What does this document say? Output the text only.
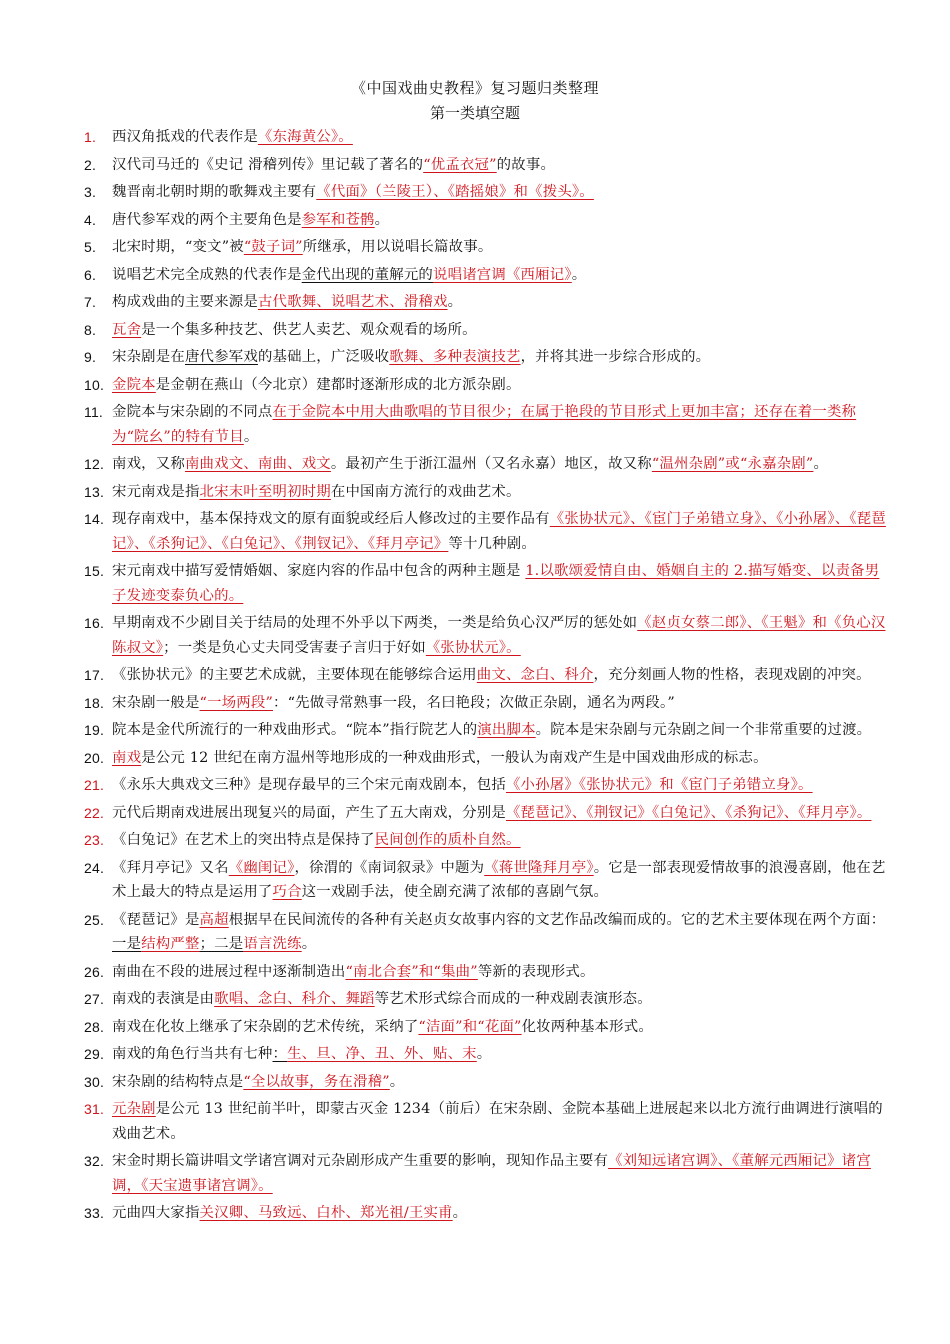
《中国戏曲史教程》复习题归类整理
第一类填空题
1.	西汉角抵戏的代表作是《东海黄公》。
2.	汉代司马迁的《史记 滑稽列传》里记载了著名的“优孟衣冠”的故事。
3.	魏晋南北朝时期的歌舞戏主要有《代面》（兰陵王）、《踏摇娘》和《拨头》。
4.	唐代参军戏的两个主要角色是参军和苍鹘。
5.	北宋时期，“变文”被“鼓子词”所继承，用以说唱长篇故事。
6.	说唱艺术完全成熟的代表作是金代出现的董解元的说唱诸宫调《西厢记》。
7.	构成戏曲的主要来源是古代歌舞、说唱艺术、滑稽戏。
8.	瓦舍是一个集多种技艺、供艺人卖艺、观众观看的场所。
9.	宋杂剧是在唐代参军戏的基础上，广泛吸收歌舞、多种表演技艺，并将其进一步综合形成的。
10. 金院本是金朝在燕山（今北京）建都时逐渐形成的北方派杂剧。
11. 金院本与宋杂剧的不同点在于金院本中用大曲歌唱的节目很少；在属于艳段的节目形式上更加丰富；还存在着一类称为“院幺”的特有节目。
12. 南戏，又称南曲戏文、南曲、戏文。最初产生于浙江温州（又名永嘉）地区，故又称“温州杂剧”或“永嘉杂剧”。
13. 宋元南戏是指北宋末叶至明初时期在中国南方流行的戏曲艺术。
14. 现存南戏中，基本保持戏文的原有面貌或经后人修改过的主要作品有《张协状元》、《宦门子弟错立身》、《小孙屠》、《琵琶记》、《杀狗记》、《白兔记》、《荆钗记》、《拜月亭记》等十几种剧。
15. 宋元南戏中描写爱情婚姻、家庭内容的作品中包含的两种主题是 1.以歌颂爱情自由、婚姻自主的 2.描写婚变、以责备男子发迹变泰负心的。
16. 早期南戏不少剧目关于结局的处理不外乎以下两类，一类是给负心汉严厉的惩处如《赵贞女蔡二郎》、《王魁》和《负心汉陈叔文》；一类是负心丈夫同受害妻子言归于好如《张协状元》。
17. 《张协状元》的主要艺术成就，主要体现在能够综合运用曲文、念白、科介，充分刻画人物的性格，表现戏剧的冲突。
18. 宋杂剧一般是“一场两段”：“先做寻常熟事一段，名曰艳段；次做正杂剧，通名为两段。”
19. 院本是金代所流行的一种戏曲形式。“院本”指行院艺人的演出脚本。院本是宋杂剧与元杂剧之间一个非常重要的过渡。
20. 南戏是公元 12 世纪在南方温州等地形成的一种戏曲形式，一般认为南戏产生是中国戏曲形成的标志。
21. 《永乐大典戏文三种》是现存最早的三个宋元南戏剧本，包括《小孙屠》《张协状元》和《宦门子弟错立身》。
22. 元代后期南戏进展出现复兴的局面，产生了五大南戏，分别是《琵琶记》、《荆钗记》《白兔记》、《杀狗记》、《拜月亭》。
23. 《白兔记》在艺术上的突出特点是保持了民间创作的质朴自然。
24. 《拜月亭记》又名《幽闺记》，徐渭的《南词叙录》中题为《蒋世隆拜月亭》。它是一部表现爱情故事的浪漫喜剧，他在艺术上最大的特点是运用了巧合这一戏剧手法，使全剧充满了浓郁的喜剧气氛。
25. 《琵琶记》是高超根据早在民间流传的各种有关赵贞女故事内容的文艺作品改编而成的。它的艺术主要体现在两个方面：一是结构严整；二是语言洗练。
26. 南曲在不段的进展过程中逐渐制造出“南北合套”和“集曲”等新的表现形式。
27. 南戏的表演是由歌唱、念白、科介、舞蹈等艺术形式综合而成的一种戏剧表演形态。
28. 南戏在化妆上继承了宋杂剧的艺术传统，采纳了“洁面”和“花面”化妆两种基本形式。
29. 南戏的角色行当共有七种：生、旦、净、丑、外、贴、末。
30. 宋杂剧的结构特点是“全以故事，务在滑稽”。
31. 元杂剧是公元 13 世纪前半叶，即蒙古灭金 1234（前后）在宋杂剧、金院本基础上进展起来以北方流行曲调进行演唱的戏曲艺术。
32. 宋金时期长篇讲唱文学诸宫调对元杂剧形成产生重要的影响，现知作品主要有《刘知远诸宫调》、《董解元西厢记》诸宫调，《天宝遗事诸宫调》。
33. 元曲四大家指关汉卿、马致远、白朴、郑光祖/王实甫。
